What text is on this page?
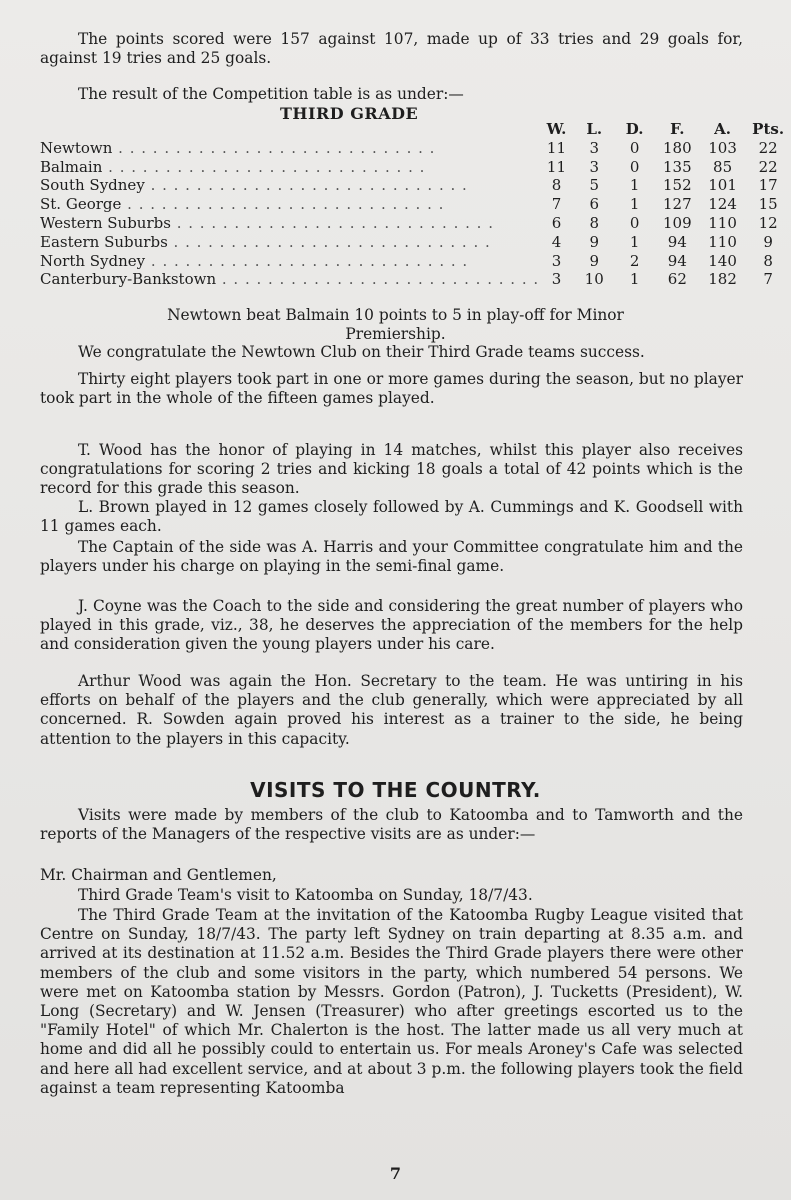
The points scored were 157 against 107, made up of 33 tries and 29 goals for, against 19 tries and 25 goals.

The result of the Competition table is as under:—

THIRD GRADE
	W.	L.	D.	F.	A.	Pts.
Newtown . . . . . . . . . . . . . . . . . . . . . . . . . . . .	11	3	0	180	103	22
Balmain . . . . . . . . . . . . . . . . . . . . . . . . . . . .	11	3	0	135	85	22
South Sydney . . . . . . . . . . . . . . . . . . . . . . . . . . . .	8	5	1	152	101	17
St. George . . . . . . . . . . . . . . . . . . . . . . . . . . . .	7	6	1	127	124	15
Western Suburbs . . . . . . . . . . . . . . . . . . . . . . . . . . . .	6	8	0	109	110	12
Eastern Suburbs . . . . . . . . . . . . . . . . . . . . . . . . . . . .	4	9	1	94	110	9
North Sydney . . . . . . . . . . . . . . . . . . . . . . . . . . . .	3	9	2	94	140	8
Canterbury-Bankstown . . . . . . . . . . . . . . . . . . . . . . . . . . . .	3	10	1	62	182	7

Newtown beat Balmain 10 points to 5 in play-off for Minor Premiership.

We congratulate the Newtown Club on their Third Grade teams success.

Thirty eight players took part in one or more games during the season, but no player took part in the whole of the fifteen games played.

T. Wood has the honor of playing in 14 matches, whilst this player also receives congratulations for scoring 2 tries and kicking 18 goals a total of 42 points which is the record for this grade this season.

L. Brown played in 12 games closely followed by A. Cummings and K. Goodsell with 11 games each.

The Captain of the side was A. Harris and your Committee congratulate him and the players under his charge on playing in the semi-final game.

J. Coyne was the Coach to the side and considering the great number of players who played in this grade, viz., 38, he deserves the appreciation of the members for the help and consideration given the young players under his care.

Arthur Wood was again the Hon. Secretary to the team. He was untiring in his efforts on behalf of the players and the club generally, which were appreciated by all concerned. R. Sowden again proved his interest as a trainer to the side, he being attention to the players in this capacity.

VISITS TO THE COUNTRY.

Visits were made by members of the club to Katoomba and to Tamworth and the reports of the Managers of the respective visits are as under:—

Mr. Chairman and Gentlemen,

Third Grade Team's visit to Katoomba on Sunday, 18/7/43.

The Third Grade Team at the invitation of the Katoomba Rugby League visited that Centre on Sunday, 18/7/43. The party left Sydney on train departing at 8.35 a.m. and arrived at its destination at 11.52 a.m. Besides the Third Grade players there were other members of the club and some visitors in the party, which numbered 54 persons. We were met on Katoomba station by Messrs. Gordon (Patron), J. Tucketts (President), W. Long (Secretary) and W. Jensen (Treasurer) who after greetings escorted us to the "Family Hotel" of which Mr. Chalerton is the host. The latter made us all very much at home and did all he possibly could to entertain us. For meals Aroney's Cafe was selected and here all had excellent service, and at about 3 p.m. the following players took the field against a team representing Katoomba

7
